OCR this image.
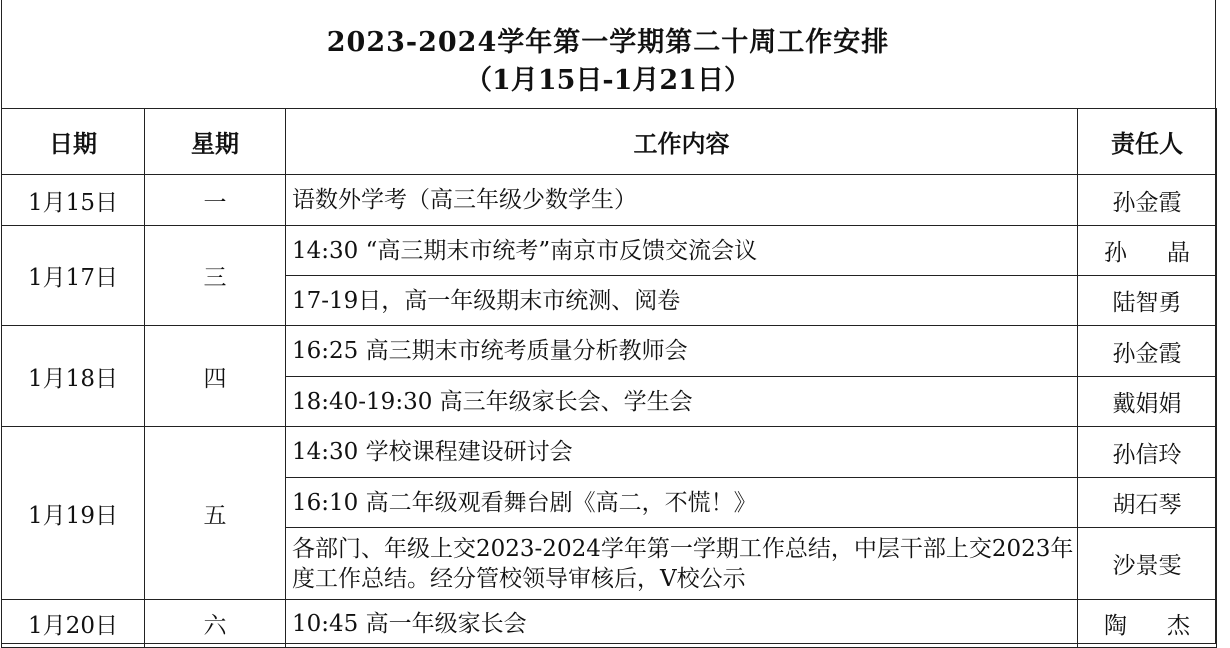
2023-2024学年第一学期第二十周工作安排
（1月15日-1月21日）
日期	星期	工作内容	责任人
1月15日	一	语数外学考（高三年级少数学生）	孙金霞
1月17日	三	14:30 “高三期末市统考”南京市反馈交流会议	孙晶
		17-19日，高一年级期末市统测、阅卷	陆智勇
1月18日	四	16:25 高三期末市统考质量分析教师会	孙金霞
		18:40-19:30 高三年级家长会、学生会	戴娟娟
1月19日	五	14:30 学校课程建设研讨会	孙信玲
		16:10 高二年级观看舞台剧《高二，不慌！》	胡石琴
		各部门、年级上交2023-2024学年第一学期工作总结，中层干部上交2023年度工作总结。经分管校领导审核后，V校公示	沙景雯
1月20日	六	10:45 高一年级家长会	陶杰
